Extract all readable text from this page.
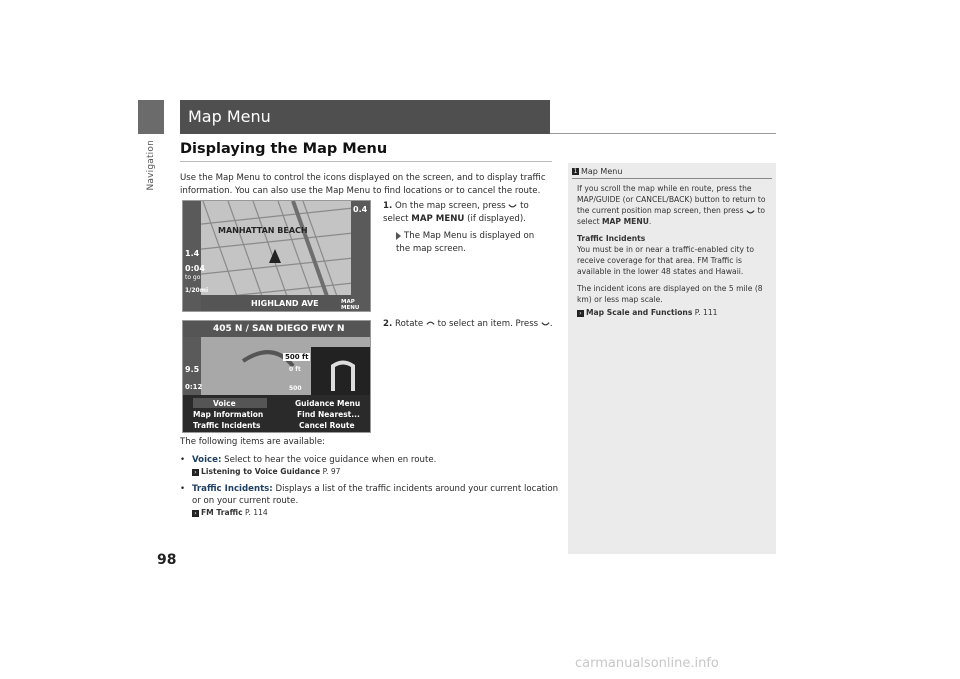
Navigation
98
Map Menu
Displaying the Map Menu
Use the Map Menu to control the icons displayed on the screen, and to display traffic information. You can also use the Map Menu to find locations or to cancel the route.
MANHATTAN BEACH
1.4
0:04
to go
1/20mi
HIGHLAND AVE
0.4
MAP MENU
405 N / SAN DIEGO FWY N
9.5
0:12
500 ft
0 ft
500
Voice	Guidance Menu
Map Information	Find Nearest...
Traffic Incidents	Cancel Route
1. On the map screen, press to select MAP MENU (if displayed).
The Map Menu is displayed on the map screen.
2. Rotate to select an item. Press .
The following items are available:
• Voice: Select to hear the voice guidance when en route.
› Listening to Voice Guidance P. 97
• Traffic Incidents: Displays a list of the traffic incidents around your current location or on your current route.
› FM Traffic P. 114
1 Map Menu

If you scroll the map while en route, press the MAP/GUIDE (or CANCEL/BACK) button to return to the current position map screen, then press to select MAP MENU.

Traffic Incidents
You must be in or near a traffic-enabled city to receive coverage for that area. FM Traffic is available in the lower 48 states and Hawaii.

The incident icons are displayed on the 5 mile (8 km) or less map scale.

› Map Scale and Functions P. 111
carmanualsonline.info
